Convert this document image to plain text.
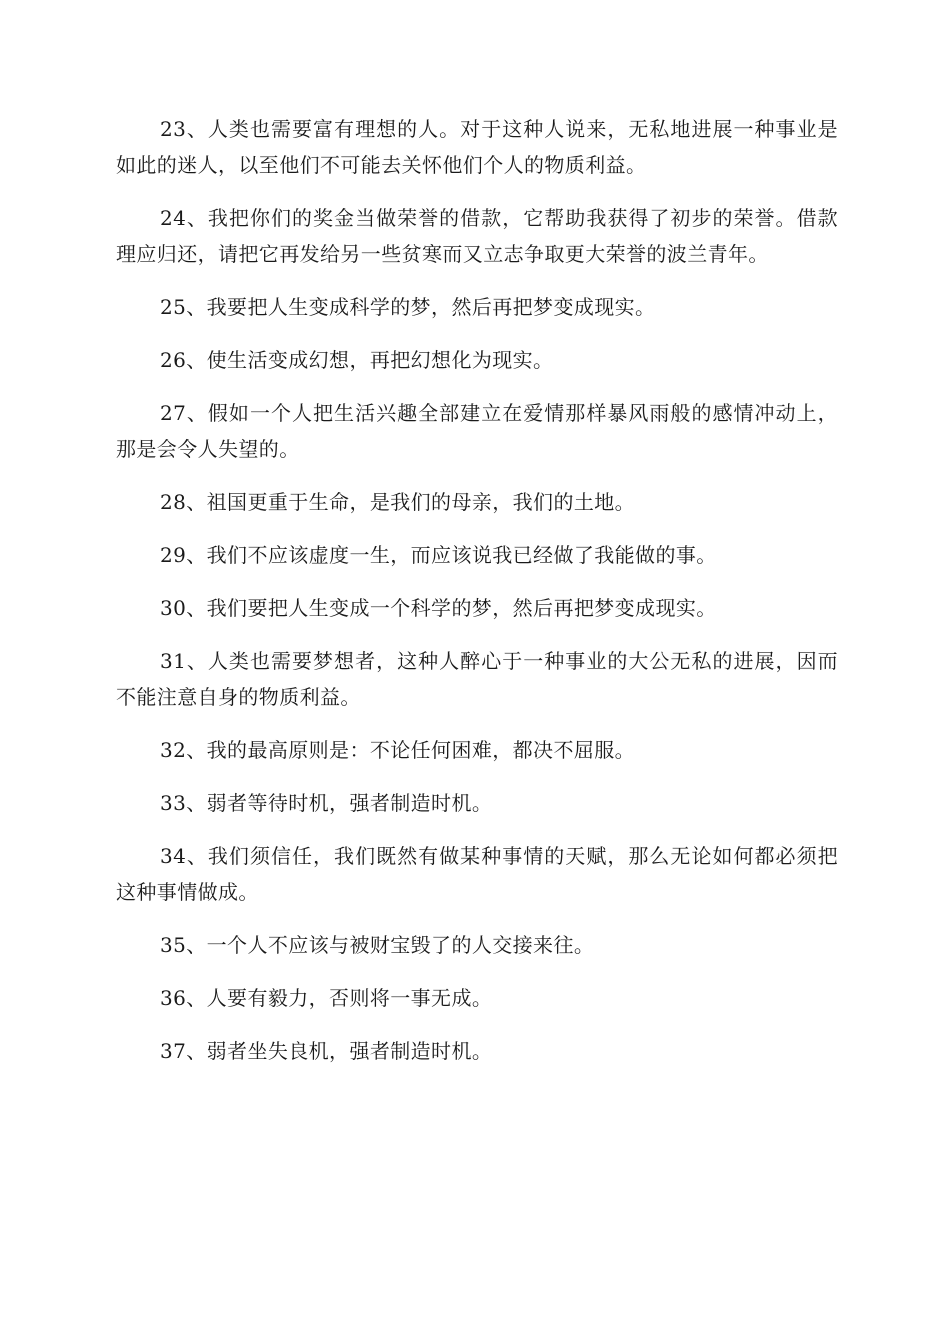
23、人类也需要富有理想的人。对于这种人说来，无私地进展一种事业是如此的迷人，以至他们不可能去关怀他们个人的物质利益。

24、我把你们的奖金当做荣誉的借款，它帮助我获得了初步的荣誉。借款理应归还，请把它再发给另一些贫寒而又立志争取更大荣誉的波兰青年。

25、我要把人生变成科学的梦，然后再把梦变成现实。

26、使生活变成幻想，再把幻想化为现实。

27、假如一个人把生活兴趣全部建立在爱情那样暴风雨般的感情冲动上，那是会令人失望的。

28、祖国更重于生命，是我们的母亲，我们的土地。

29、我们不应该虚度一生，而应该说我已经做了我能做的事。

30、我们要把人生变成一个科学的梦，然后再把梦变成现实。

31、人类也需要梦想者，这种人醉心于一种事业的大公无私的进展，因而不能注意自身的物质利益。

32、我的最高原则是：不论任何困难，都决不屈服。

33、弱者等待时机，强者制造时机。

34、我们须信任，我们既然有做某种事情的天赋，那么无论如何都必须把这种事情做成。

35、一个人不应该与被财宝毁了的人交接来往。

36、人要有毅力，否则将一事无成。

37、弱者坐失良机，强者制造时机。
